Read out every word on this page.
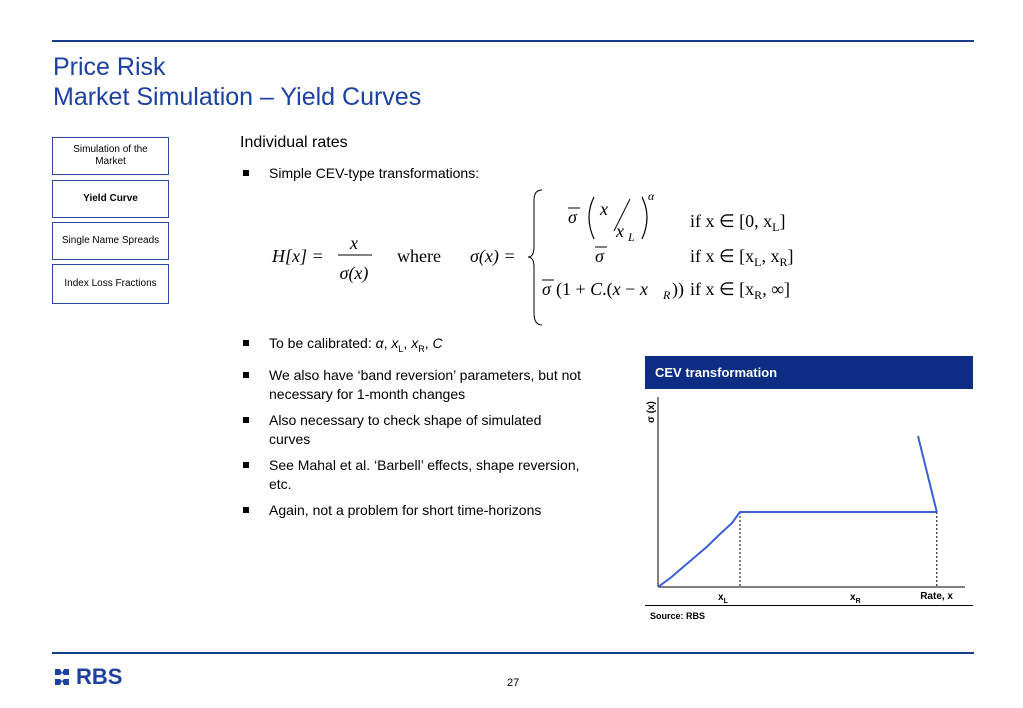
Price Risk
Market Simulation – Yield Curves
Simulation of the Market
Yield Curve
Single Name Spreads
Index Loss Fractions
Individual rates
Simple CEV-type transformations:
H[x] =
x
σ(x)
where σ(x) =
σ x
x L
α
if x ∈ [0, $x_L$]
σ	if x ∈ [$x_L$, $x_R$]
σ (1 + C.(x − x R )) if x ∈ [$x_R$, ∞]
To be calibrated: α, $x_L$, $x_R$, C
We also have ‘band reversion’ parameters, but not necessary for 1-month changes
Also necessary to check shape of simulated curves
See Mahal et al. ‘Barbell’ effects, shape reversion, etc.
Again, not a problem for short time-horizons
CEV transformation
σ (x)
$x_L$	$x_R$	Rate, x
Source: RBS
RBS	27
